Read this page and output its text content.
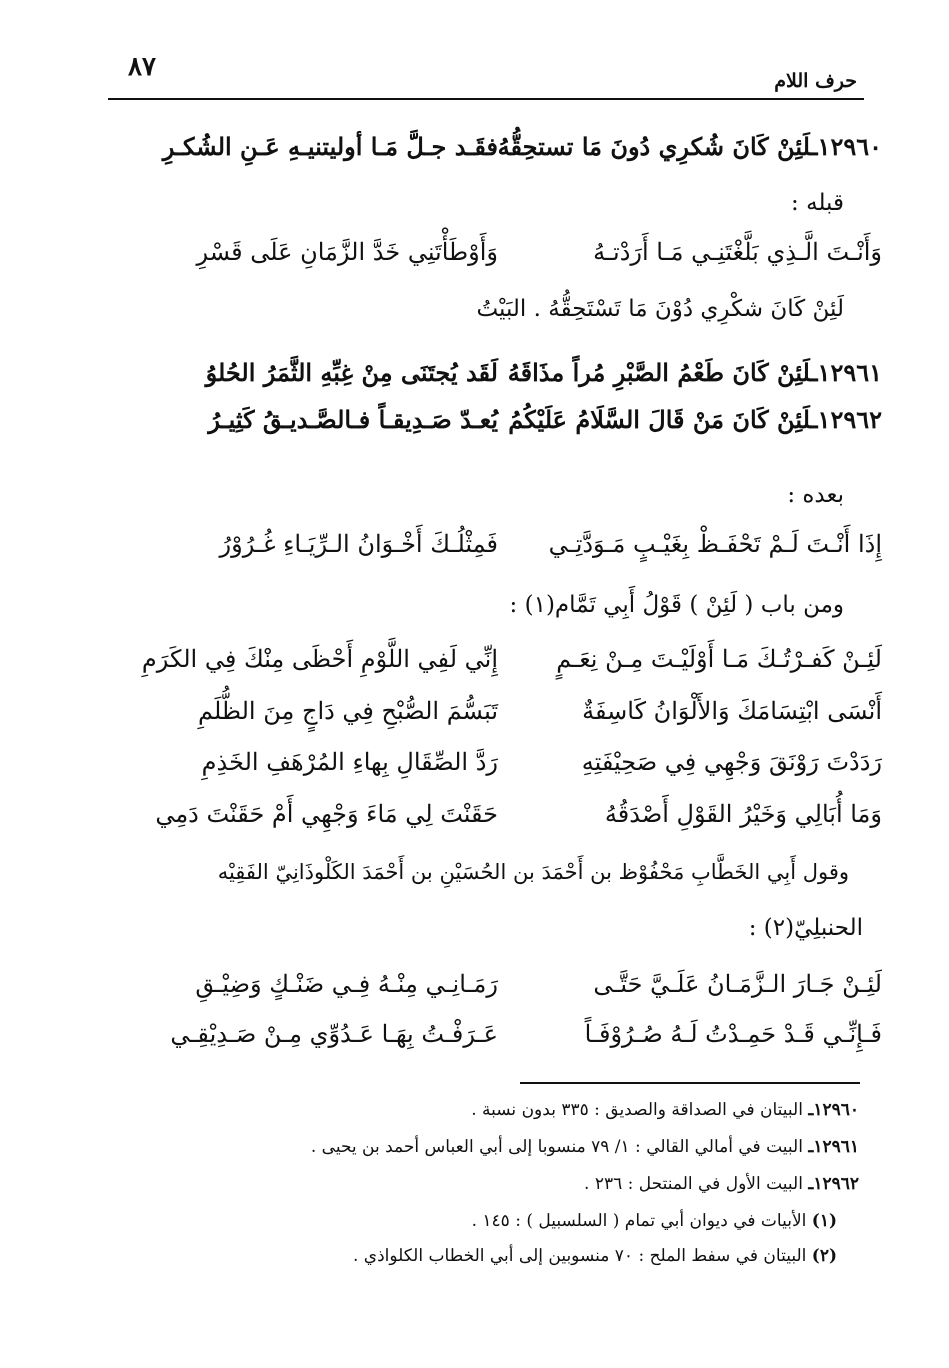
حرف اللام
٨٧
١٢٩٦٠ـلَئِنْ كَانَ شُكرِي دُونَ مَا تستحِقُّهُ
فقَـد جـلَّ مَـا أوليتنيـهِ عَـنِ الشُكـرِ
قبله :
وَأَنْـتَ الَّـذِي بَلَّغْتَنِـي مَـا أَرَدْتـهُ
وَأَوْطَأْتَنِي خَدَّ الزَّمَانِ عَلَى قَسْرِ
لَئِنْ كَانَ شكْرِي دُوْنَ مَا تَسْتَحِقُّهُ . البَيْتُ
١٢٩٦١ـلَئِنْ كَانَ طَعْمُ الصَّبْرِ مُراً مذَاقَهُ
لَقَد يُجتَنَى مِنْ غِبِّهِ الثَّمَرُ الحُلوُ
١٢٩٦٢ـلَئِنْ كَانَ مَنْ قَالَ السَّلَامُ عَلَيْكُمُ
يُعـدّ صَـدِيقـاً فـالصَّـديـقُ كَثِيـرُ
بعده :
إِذَا أَنْـتَ لَـمْ تَحْفَـظْ بِغَيْـبٍ مَـوَدَّتِـي
فَمِثْلُـكَ أَخْـوَانُ الـرِّيَـاءِ غُـرُوْرُ
ومن باب ( لَئِنْ ) قَوْلُ أَبِي تَمَّام(١) :
لَئِـنْ كَفـرْتُـكَ مَـا أَوْلَيْـتَ مِـنْ نِعَـمٍ
إِنِّي لَفِي اللَّوْمِ أَحْظَى مِنْكَ فِي الكَرَمِ
أَنْسَى ابْتِسَامَكَ وَالأَلْوَانُ كَاسِفَةٌ
تَبَسُّمَ الصُّبْحِ فِي دَاجٍ مِنَ الظُّلَمِ
رَدَدْتَ رَوْنَقَ وَجْهِي فِي صَحِيْفَتِهِ
رَدَّ الصِّقَالِ بِهاءِ المُرْهَفِ الخَذِمِ
وَمَا أُبَالِي وَخَيْرُ القَوْلِ أَصْدَقُهُ
حَقَنْتَ لِي مَاءَ وَجْهِي أَمْ حَقَنْتَ دَمِي
وقول أَبِي الخَطَّابِ مَحْفُوْظ بن أَحْمَدَ بن الحُسَيْنِ بن أَحْمَدَ الكَلْوذَانِيّ الفَقِيْه
الحنبلِيّ(٢) :
لَئِـنْ جَـارَ الـزَّمَـانُ عَلَـيَّ حَتَّـى
رَمَـانِـي مِنْـهُ فِـي ضَنْـكٍ وَضِيْـقِ
فَـإِنِّـي قَـدْ حَمِـدْتُ لَـهُ صُـرُوْفَـاً
عَـرَفْـتُ بِهَـا عَـدُوِّي مِـنْ صَـدِيْقِـي
١٢٩٦٠ـ البيتان في الصداقة والصديق : ٣٣٥ بدون نسبة .
١٢٩٦١ـ البيت في أمالي القالي : ١/ ٧٩ منسوبا إلى أبي العباس أحمد بن يحيى .
١٢٩٦٢ـ البيت الأول في المنتحل : ٢٣٦ .
(١) الأبيات في ديوان أبي تمام ( السلسبيل ) : ١٤٥ .
(٢) البيتان في سفط الملح : ٧٠ منسوبين إلى أبي الخطاب الكلواذي .
